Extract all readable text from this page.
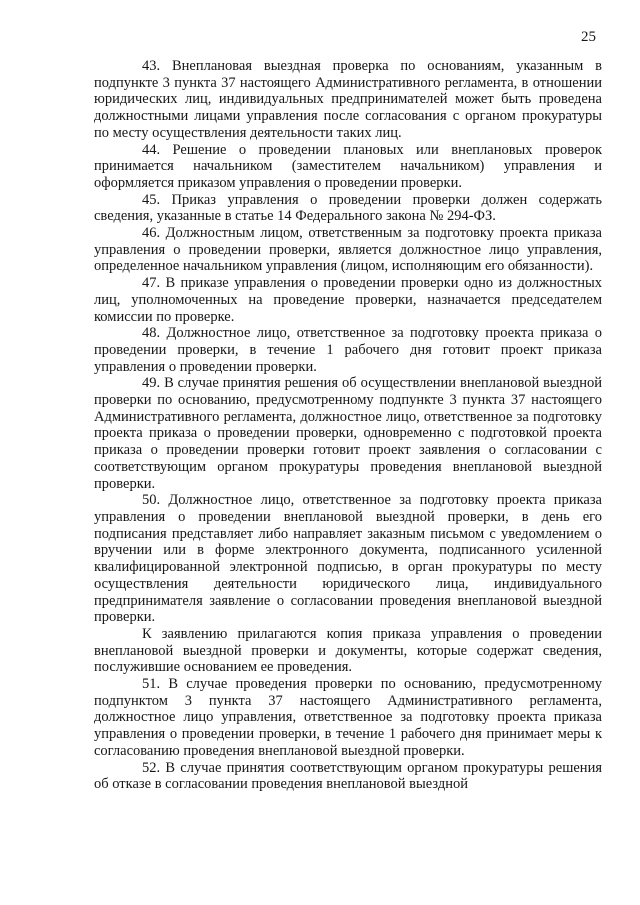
25

43. Внеплановая выездная проверка по основаниям, указанным в подпункте 3 пункта 37 настоящего Административного регламента, в отношении юридических лиц, индивидуальных предпринимателей может быть проведена должностными лицами управления после согласования с органом прокуратуры по месту осуществления деятельности таких лиц.

44. Решение о проведении плановых или внеплановых проверок принимается начальником (заместителем начальником) управления и оформляется приказом управления о проведении проверки.

45. Приказ управления о проведении проверки должен содержать сведения, указанные в статье 14 Федерального закона № 294-ФЗ.

46. Должностным лицом, ответственным за подготовку проекта приказа управления о проведении проверки, является должностное лицо управления, определенное начальником управления (лицом, исполняющим его обязанности).

47. В приказе управления о проведении проверки одно из должностных лиц, уполномоченных на проведение проверки, назначается председателем комиссии по проверке.

48. Должностное лицо, ответственное за подготовку проекта приказа о проведении проверки, в течение 1 рабочего дня готовит проект приказа управления о проведении проверки.

49. В случае принятия решения об осуществлении внеплановой выездной проверки по основанию, предусмотренному подпункте 3 пункта 37 настоящего Административного регламента, должностное лицо, ответственное за подготовку проекта приказа о проведении проверки, одновременно с подготовкой проекта приказа о проведении проверки готовит проект заявления о согласовании с соответствующим органом прокуратуры проведения внеплановой выездной проверки.

50. Должностное лицо, ответственное за подготовку проекта приказа управления о проведении внеплановой выездной проверки, в день его подписания представляет либо направляет заказным письмом с уведомлением о вручении или в форме электронного документа, подписанного усиленной квалифицированной электронной подписью, в орган прокуратуры по месту осуществления деятельности юридического лица, индивидуального предпринимателя заявление о согласовании проведения внеплановой выездной проверки.

К заявлению прилагаются копия приказа управления о проведении внеплановой выездной проверки и документы, которые содержат сведения, послужившие основанием ее проведения.

51. В случае проведения проверки по основанию, предусмотренному подпунктом 3 пункта 37 настоящего Административного регламента, должностное лицо управления, ответственное за подготовку проекта приказа управления о проведении проверки, в течение 1 рабочего дня принимает меры к согласованию проведения внеплановой выездной проверки.

52. В случае принятия соответствующим органом прокуратуры решения об отказе в согласовании проведения внеплановой выездной
